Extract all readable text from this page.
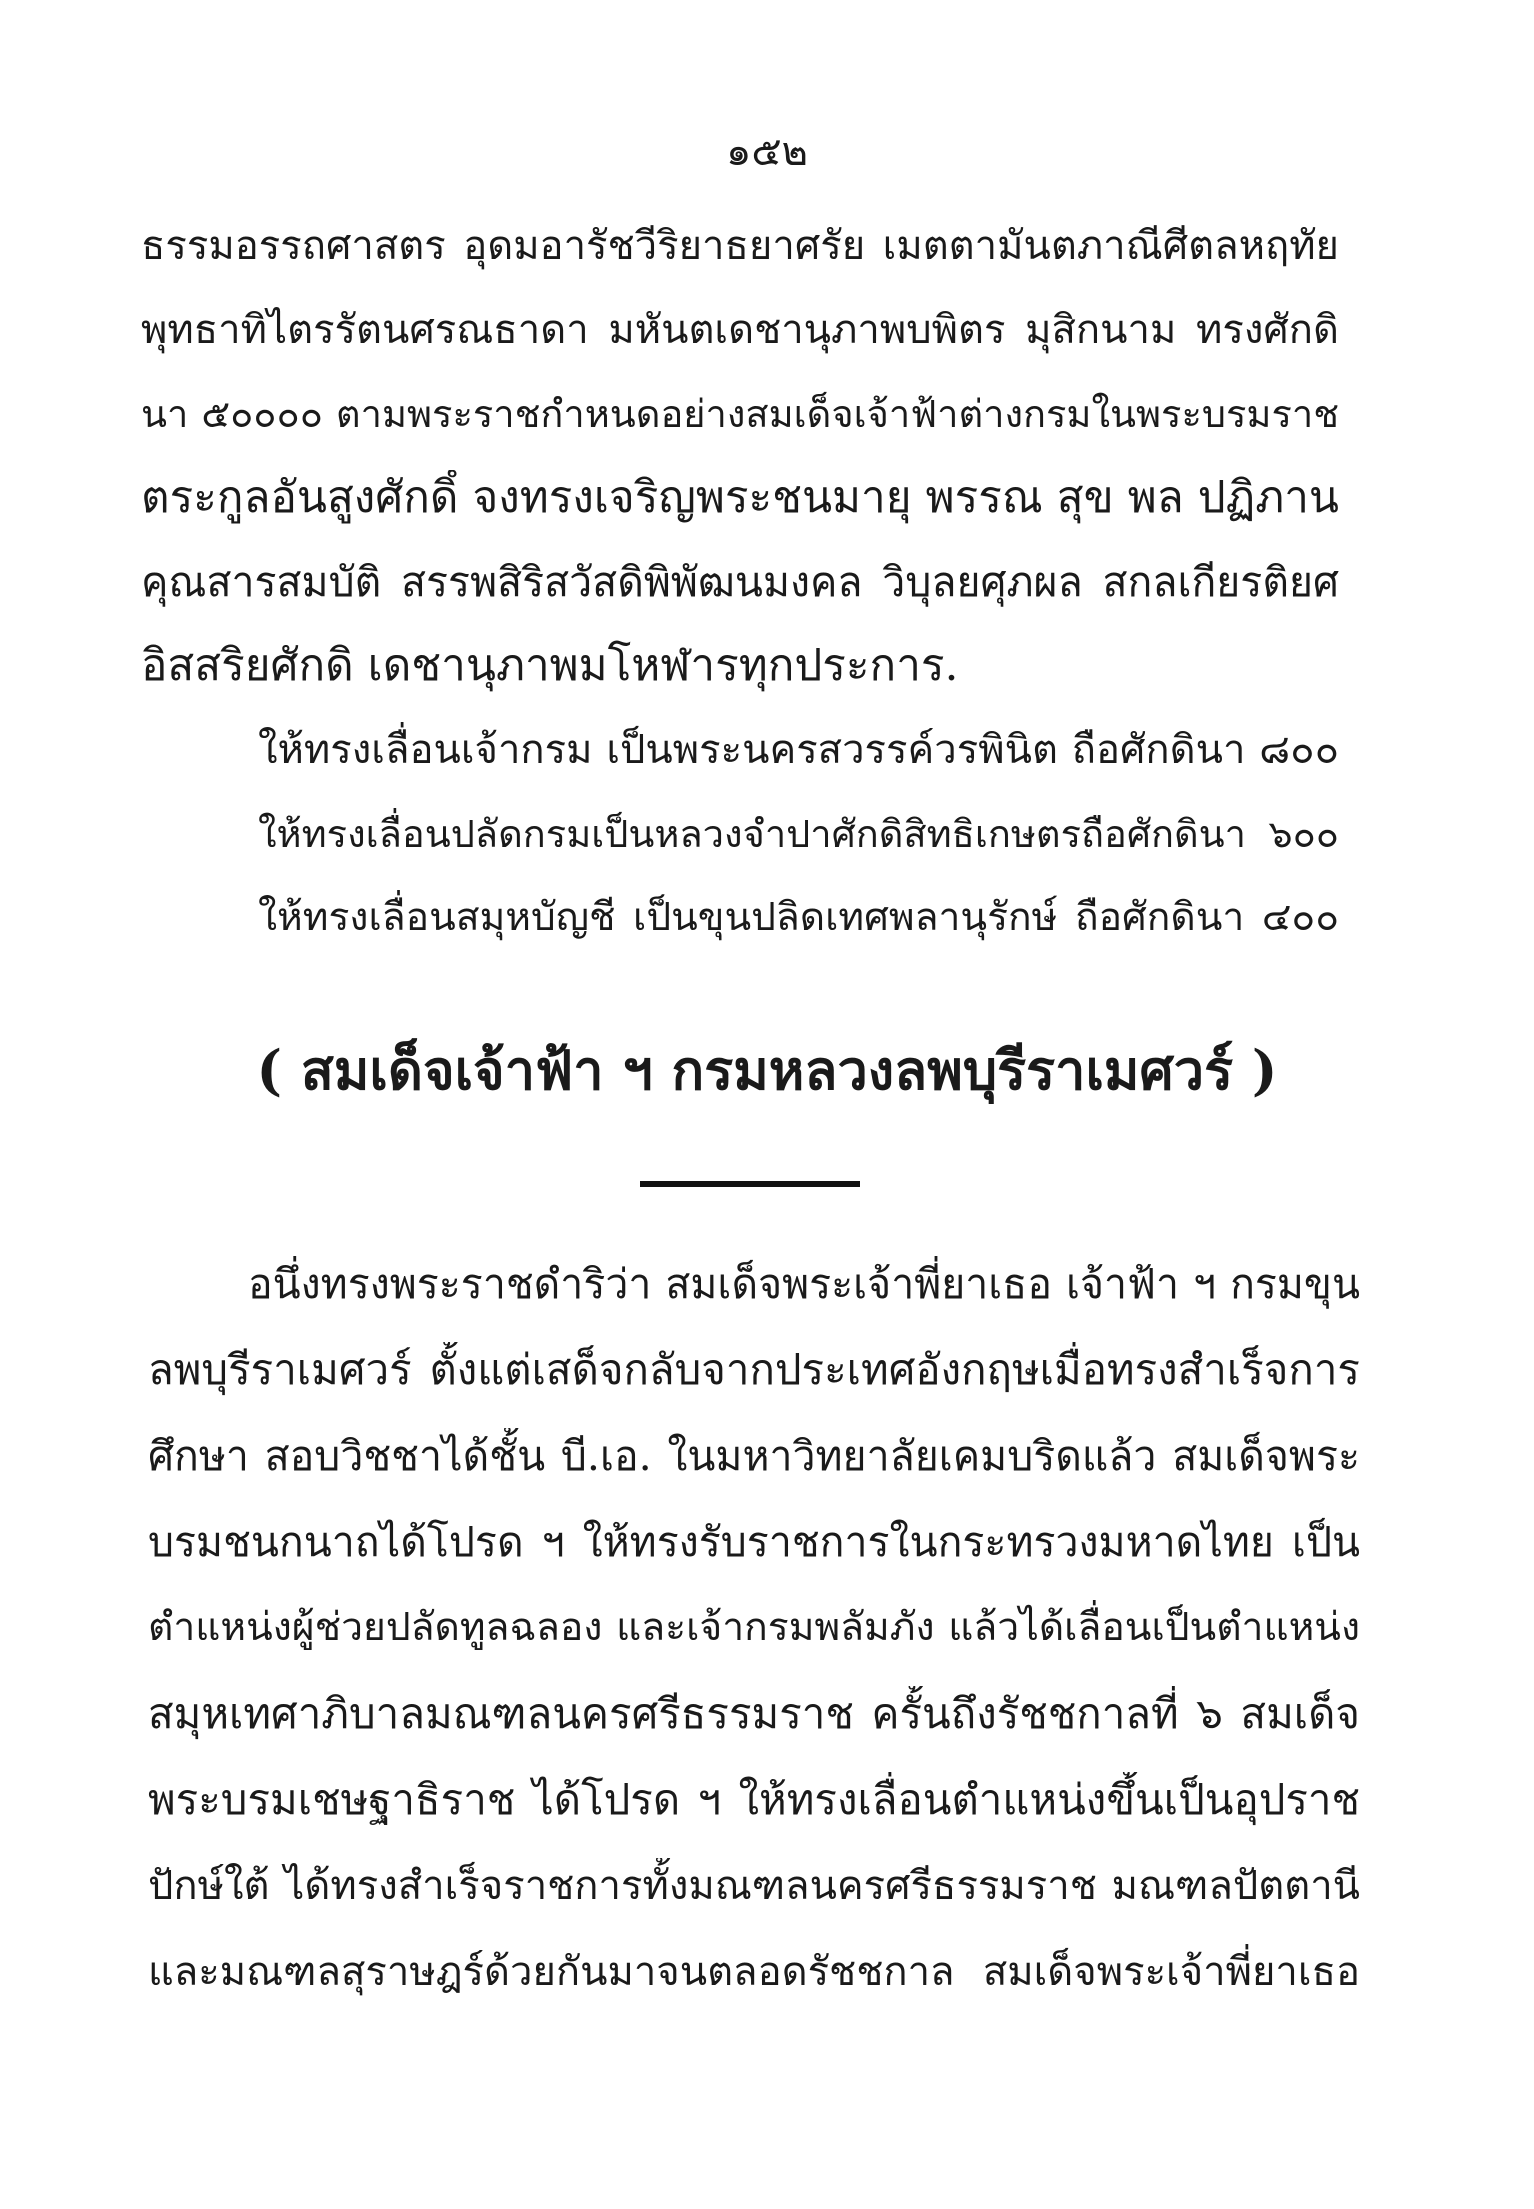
๑๕๒
ธรรมอรรถศาสตร อุดมอารัชวีริยาธยาศรัย เมตตามันตภาณีศีตลหฤทัย
พุทธาทิไตรรัตนศรณธาดา มหันตเดชานุภาพบพิตร มุสิกนาม ทรงศักดิ
นา ๕๐๐๐๐ ตามพระราชกำหนดอย่างสมเด็จเจ้าฟ้าต่างกรมในพระบรมราช
ตระกูลอันสูงศักดิ์ จงทรงเจริญพระชนมายุ พรรณ สุข พล ปฏิภาน
คุณสารสมบัติ สรรพสิริสวัสดิพิพัฒนมงคล วิบุลยศุภผล สกลเกียรติยศ
อิสสริยศักดิ เดชานุภาพมโหฬารทุกประการ.
ให้ทรงเลื่อนเจ้ากรม เป็นพระนครสวรรค์วรพินิต ถือศักดินา ๘๐๐
ให้ทรงเลื่อนปลัดกรมเป็นหลวงจำปาศักดิสิทธิเกษตรถือศักดินา ๖๐๐
ให้ทรงเลื่อนสมุหบัญชี เป็นขุนปลิดเทศพลานุรักษ์ ถือศักดินา ๔๐๐
( สมเด็จเจ้าฟ้า ฯ กรมหลวงลพบุรีราเมศวร์ )
อนึ่งทรงพระราชดำริว่า สมเด็จพระเจ้าพี่ยาเธอ เจ้าฟ้า ฯ กรมขุน
ลพบุรีราเมศวร์ ตั้งแต่เสด็จกลับจากประเทศอังกฤษเมื่อทรงสำเร็จการ
ศึกษา สอบวิชชาได้ชั้น บี.เอ. ในมหาวิทยาลัยเคมบริดแล้ว สมเด็จพระ
บรมชนกนาถได้โปรด ฯ ให้ทรงรับราชการในกระทรวงมหาดไทย เป็น
ตำแหน่งผู้ช่วยปลัดทูลฉลอง และเจ้ากรมพลัมภัง แล้วได้เลื่อนเป็นตำแหน่ง
สมุหเทศาภิบาลมณฑลนครศรีธรรมราช ครั้นถึงรัชชกาลที่ ๖ สมเด็จ
พระบรมเชษฐาธิราช ได้โปรด ฯ ให้ทรงเลื่อนตำแหน่งขึ้นเป็นอุปราช
ปักษ์ใต้ ได้ทรงสำเร็จราชการทั้งมณฑลนครศรีธรรมราช มณฑลปัตตานี
และมณฑลสุราษฎร์ด้วยกันมาจนตลอดรัชชกาล สมเด็จพระเจ้าพี่ยาเธอ
